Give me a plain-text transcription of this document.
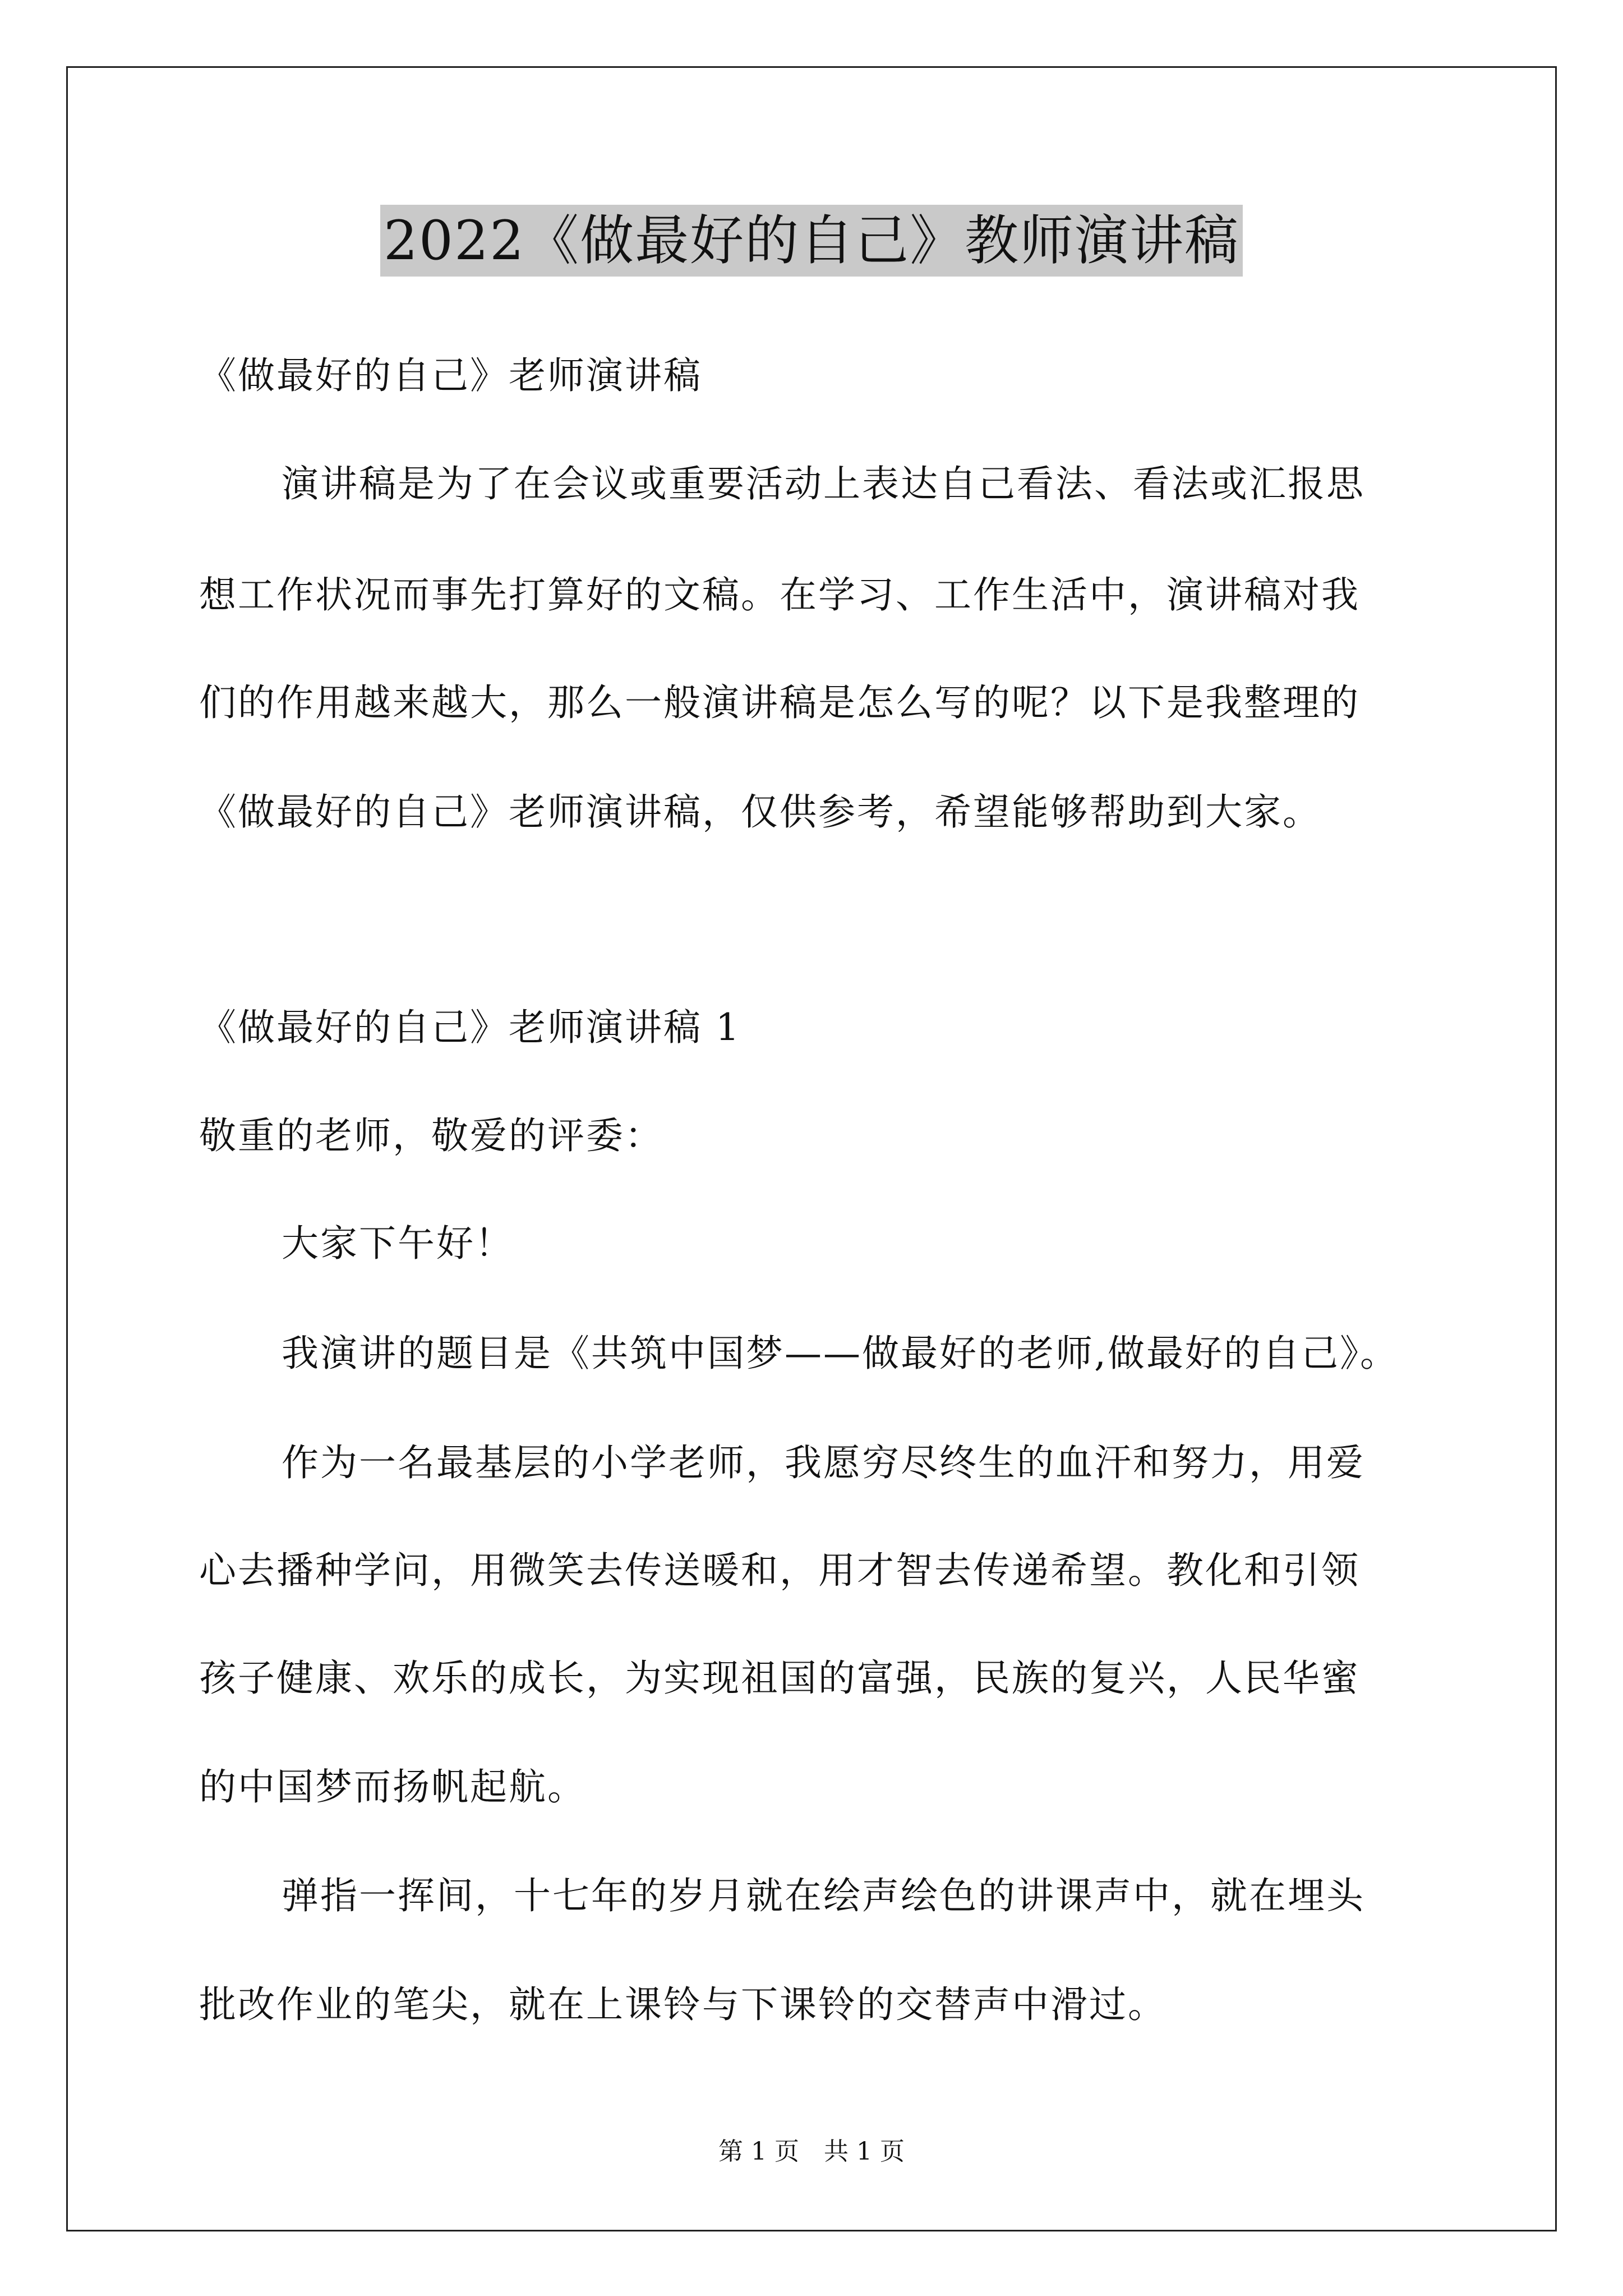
2022《做最好的自己》教师演讲稿

《做最好的自己》老师演讲稿

演讲稿是为了在会议或重要活动上表达自己看法、看法或汇报思

想工作状况而事先打算好的文稿。在学习、工作生活中，演讲稿对我

们的作用越来越大，那么一般演讲稿是怎么写的呢？以下是我整理的

《做最好的自己》老师演讲稿，仅供参考，希望能够帮助到大家。

《做最好的自己》老师演讲稿 1

敬重的老师，敬爱的评委：

大家下午好！

我演讲的题目是《共筑中国梦——做最好的老师,做最好的自己》。

作为一名最基层的小学老师，我愿穷尽终生的血汗和努力，用爱

心去播种学问，用微笑去传送暖和，用才智去传递希望。教化和引领

孩子健康、欢乐的成长，为实现祖国的富强，民族的复兴，人民华蜜

的中国梦而扬帆起航。

弹指一挥间，十七年的岁月就在绘声绘色的讲课声中，就在埋头

批改作业的笔尖，就在上课铃与下课铃的交替声中滑过。

第 1 页　共 1 页
